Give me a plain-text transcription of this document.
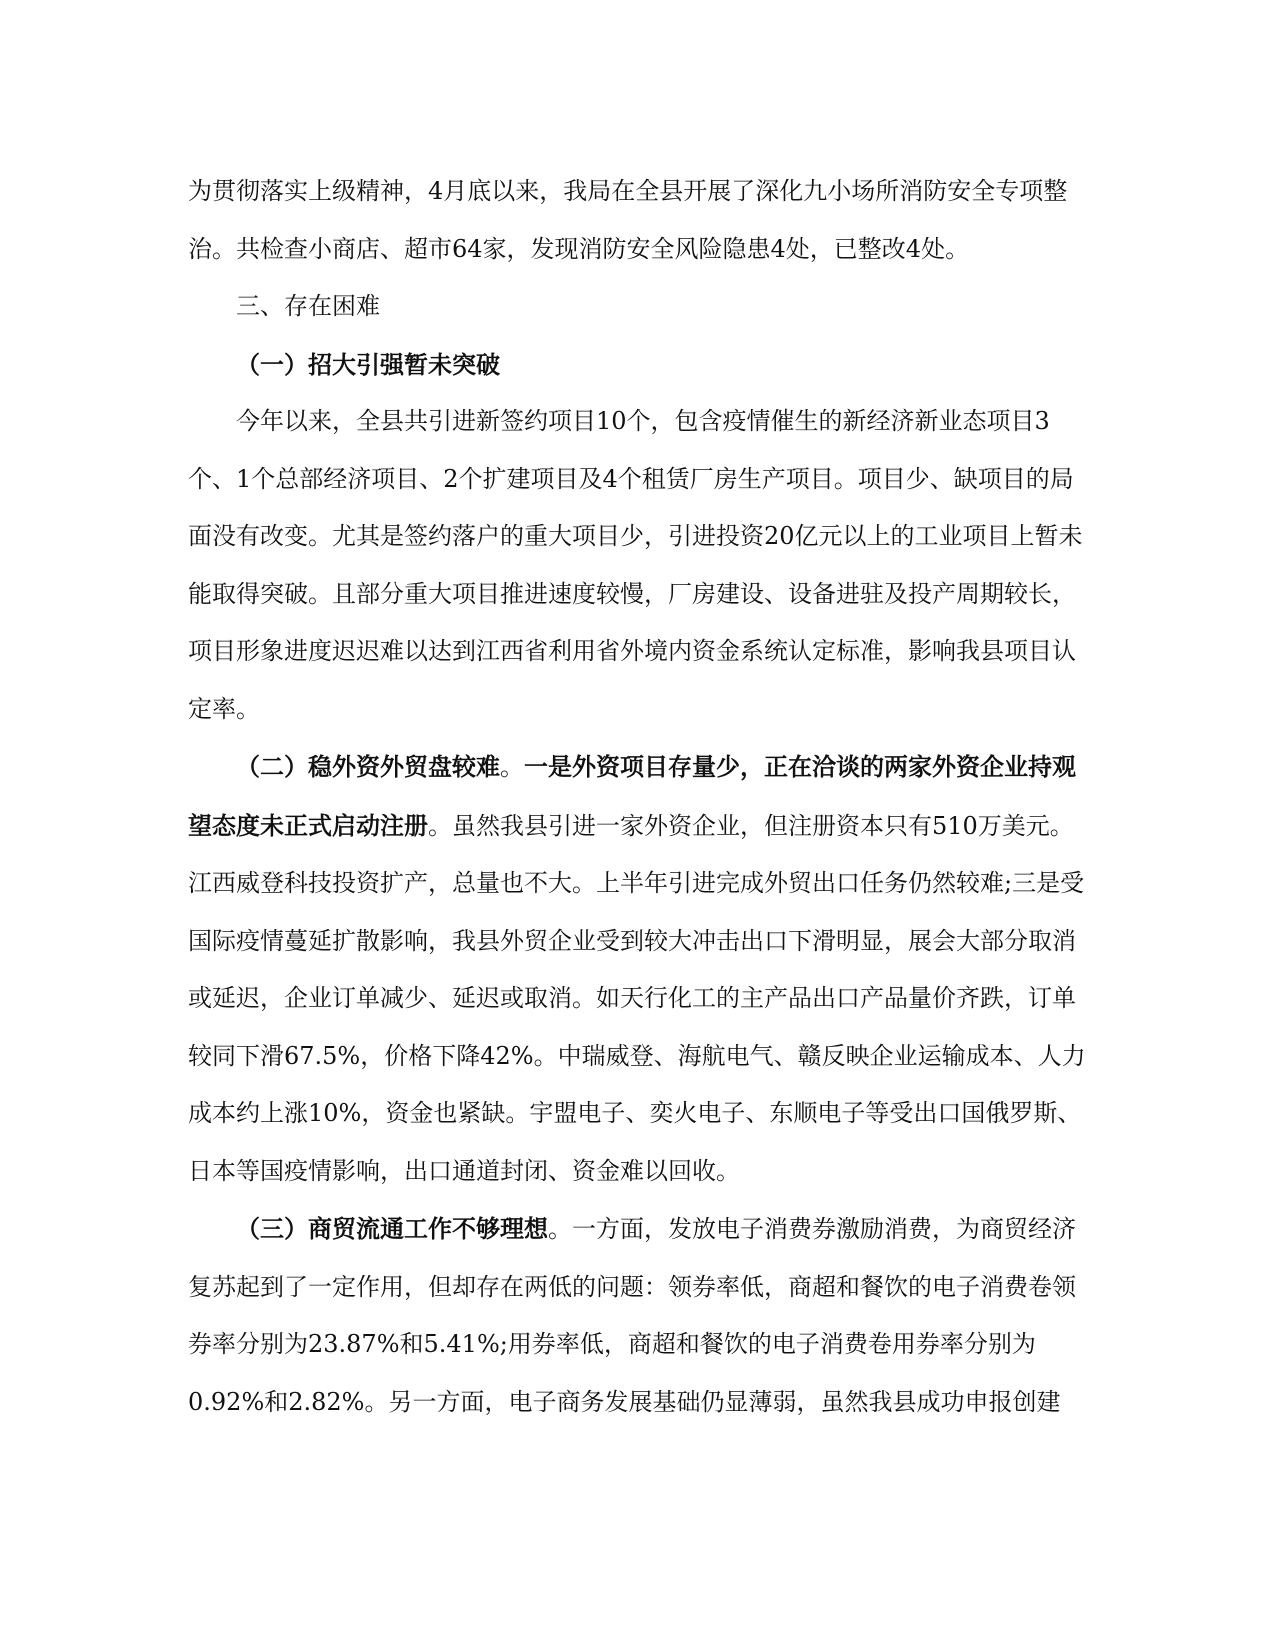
为贯彻落实上级精神，4月底以来，我局在全县开展了深化九小场所消防安全专项整治。共检查小商店、超市64家，发现消防安全风险隐患4处，已整改4处。

三、存在困难

（一）招大引强暂未突破

今年以来，全县共引进新签约项目10个，包含疫情催生的新经济新业态项目3个、1个总部经济项目、2个扩建项目及4个租赁厂房生产项目。项目少、缺项目的局面没有改变。尤其是签约落户的重大项目少，引进投资20亿元以上的工业项目上暂未能取得突破。且部分重大项目推进速度较慢，厂房建设、设备进驻及投产周期较长，项目形象进度迟迟难以达到江西省利用省外境内资金系统认定标准，影响我县项目认定率。

（二）稳外资外贸盘较难。一是外资项目存量少，正在洽谈的两家外资企业持观望态度未正式启动注册。虽然我县引进一家外资企业，但注册资本只有510万美元。江西威登科技投资扩产，总量也不大。上半年引进完成外贸出口任务仍然较难;三是受国际疫情蔓延扩散影响，我县外贸企业受到较大冲击出口下滑明显，展会大部分取消或延迟，企业订单减少、延迟或取消。如天行化工的主产品出口产品量价齐跌，订单较同下滑67.5%，价格下降42%。中瑞威登、海航电气、赣反映企业运输成本、人力成本约上涨10%，资金也紧缺。宇盟电子、奕火电子、东顺电子等受出口国俄罗斯、日本等国疫情影响，出口通道封闭、资金难以回收。

（三）商贸流通工作不够理想。一方面，发放电子消费券激励消费，为商贸经济复苏起到了一定作用，但却存在两低的问题：领券率低，商超和餐饮的电子消费卷领券率分别为23.87%和5.41%;用券率低，商超和餐饮的电子消费卷用券率分别为0.92%和2.82%。另一方面，电子商务发展基础仍显薄弱，虽然我县成功申报创建
